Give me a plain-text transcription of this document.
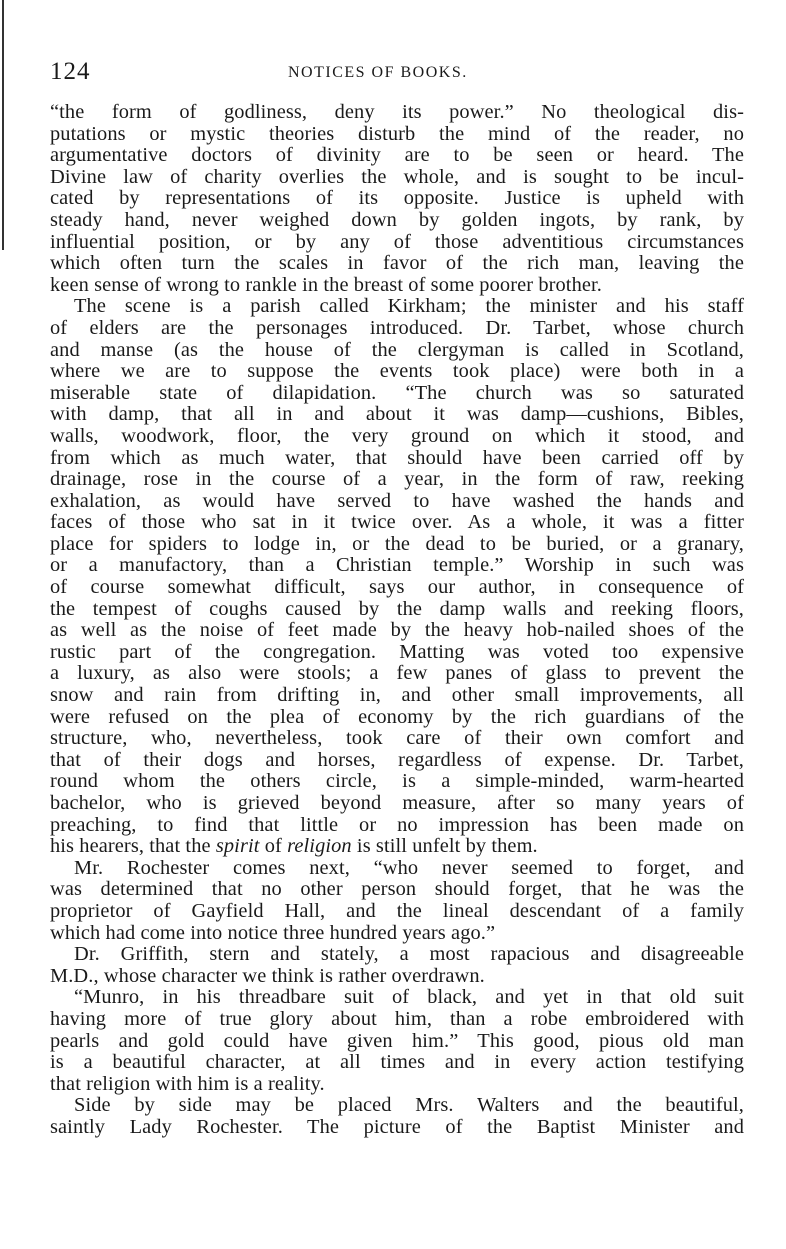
124	NOTICES OF BOOKS.
“the form of godliness, deny its power.” No theological dis-
putations or mystic theories disturb the mind of the reader, no
argumentative doctors of divinity are to be seen or heard. The
Divine law of charity overlies the whole, and is sought to be incul-
cated by representations of its opposite. Justice is upheld with
steady hand, never weighed down by golden ingots, by rank, by
influential position, or by any of those adventitious circumstances
which often turn the scales in favor of the rich man, leaving the
keen sense of wrong to rankle in the breast of some poorer brother.
The scene is a parish called Kirkham; the minister and his staff
of elders are the personages introduced. Dr. Tarbet, whose church
and manse (as the house of the clergyman is called in Scotland,
where we are to suppose the events took place) were both in a
miserable state of dilapidation. “The church was so saturated
with damp, that all in and about it was damp—cushions, Bibles,
walls, woodwork, floor, the very ground on which it stood, and
from which as much water, that should have been carried off by
drainage, rose in the course of a year, in the form of raw, reeking
exhalation, as would have served to have washed the hands and
faces of those who sat in it twice over. As a whole, it was a fitter
place for spiders to lodge in, or the dead to be buried, or a granary,
or a manufactory, than a Christian temple.” Worship in such was
of course somewhat difficult, says our author, in consequence of
the tempest of coughs caused by the damp walls and reeking floors,
as well as the noise of feet made by the heavy hob-nailed shoes of the
rustic part of the congregation. Matting was voted too expensive
a luxury, as also were stools; a few panes of glass to prevent the
snow and rain from drifting in, and other small improvements, all
were refused on the plea of economy by the rich guardians of the
structure, who, nevertheless, took care of their own comfort and
that of their dogs and horses, regardless of expense. Dr. Tarbet,
round whom the others circle, is a simple-minded, warm-hearted
bachelor, who is grieved beyond measure, after so many years of
preaching, to find that little or no impression has been made on
his hearers, that the spirit of religion is still unfelt by them.
Mr. Rochester comes next, “who never seemed to forget, and
was determined that no other person should forget, that he was the
proprietor of Gayfield Hall, and the lineal descendant of a family
which had come into notice three hundred years ago.”
Dr. Griffith, stern and stately, a most rapacious and disagreeable
M.D., whose character we think is rather overdrawn.
“Munro, in his threadbare suit of black, and yet in that old suit
having more of true glory about him, than a robe embroidered with
pearls and gold could have given him.” This good, pious old man
is a beautiful character, at all times and in every action testifying
that religion with him is a reality.
Side by side may be placed Mrs. Walters and the beautiful,
saintly Lady Rochester. The picture of the Baptist Minister and
